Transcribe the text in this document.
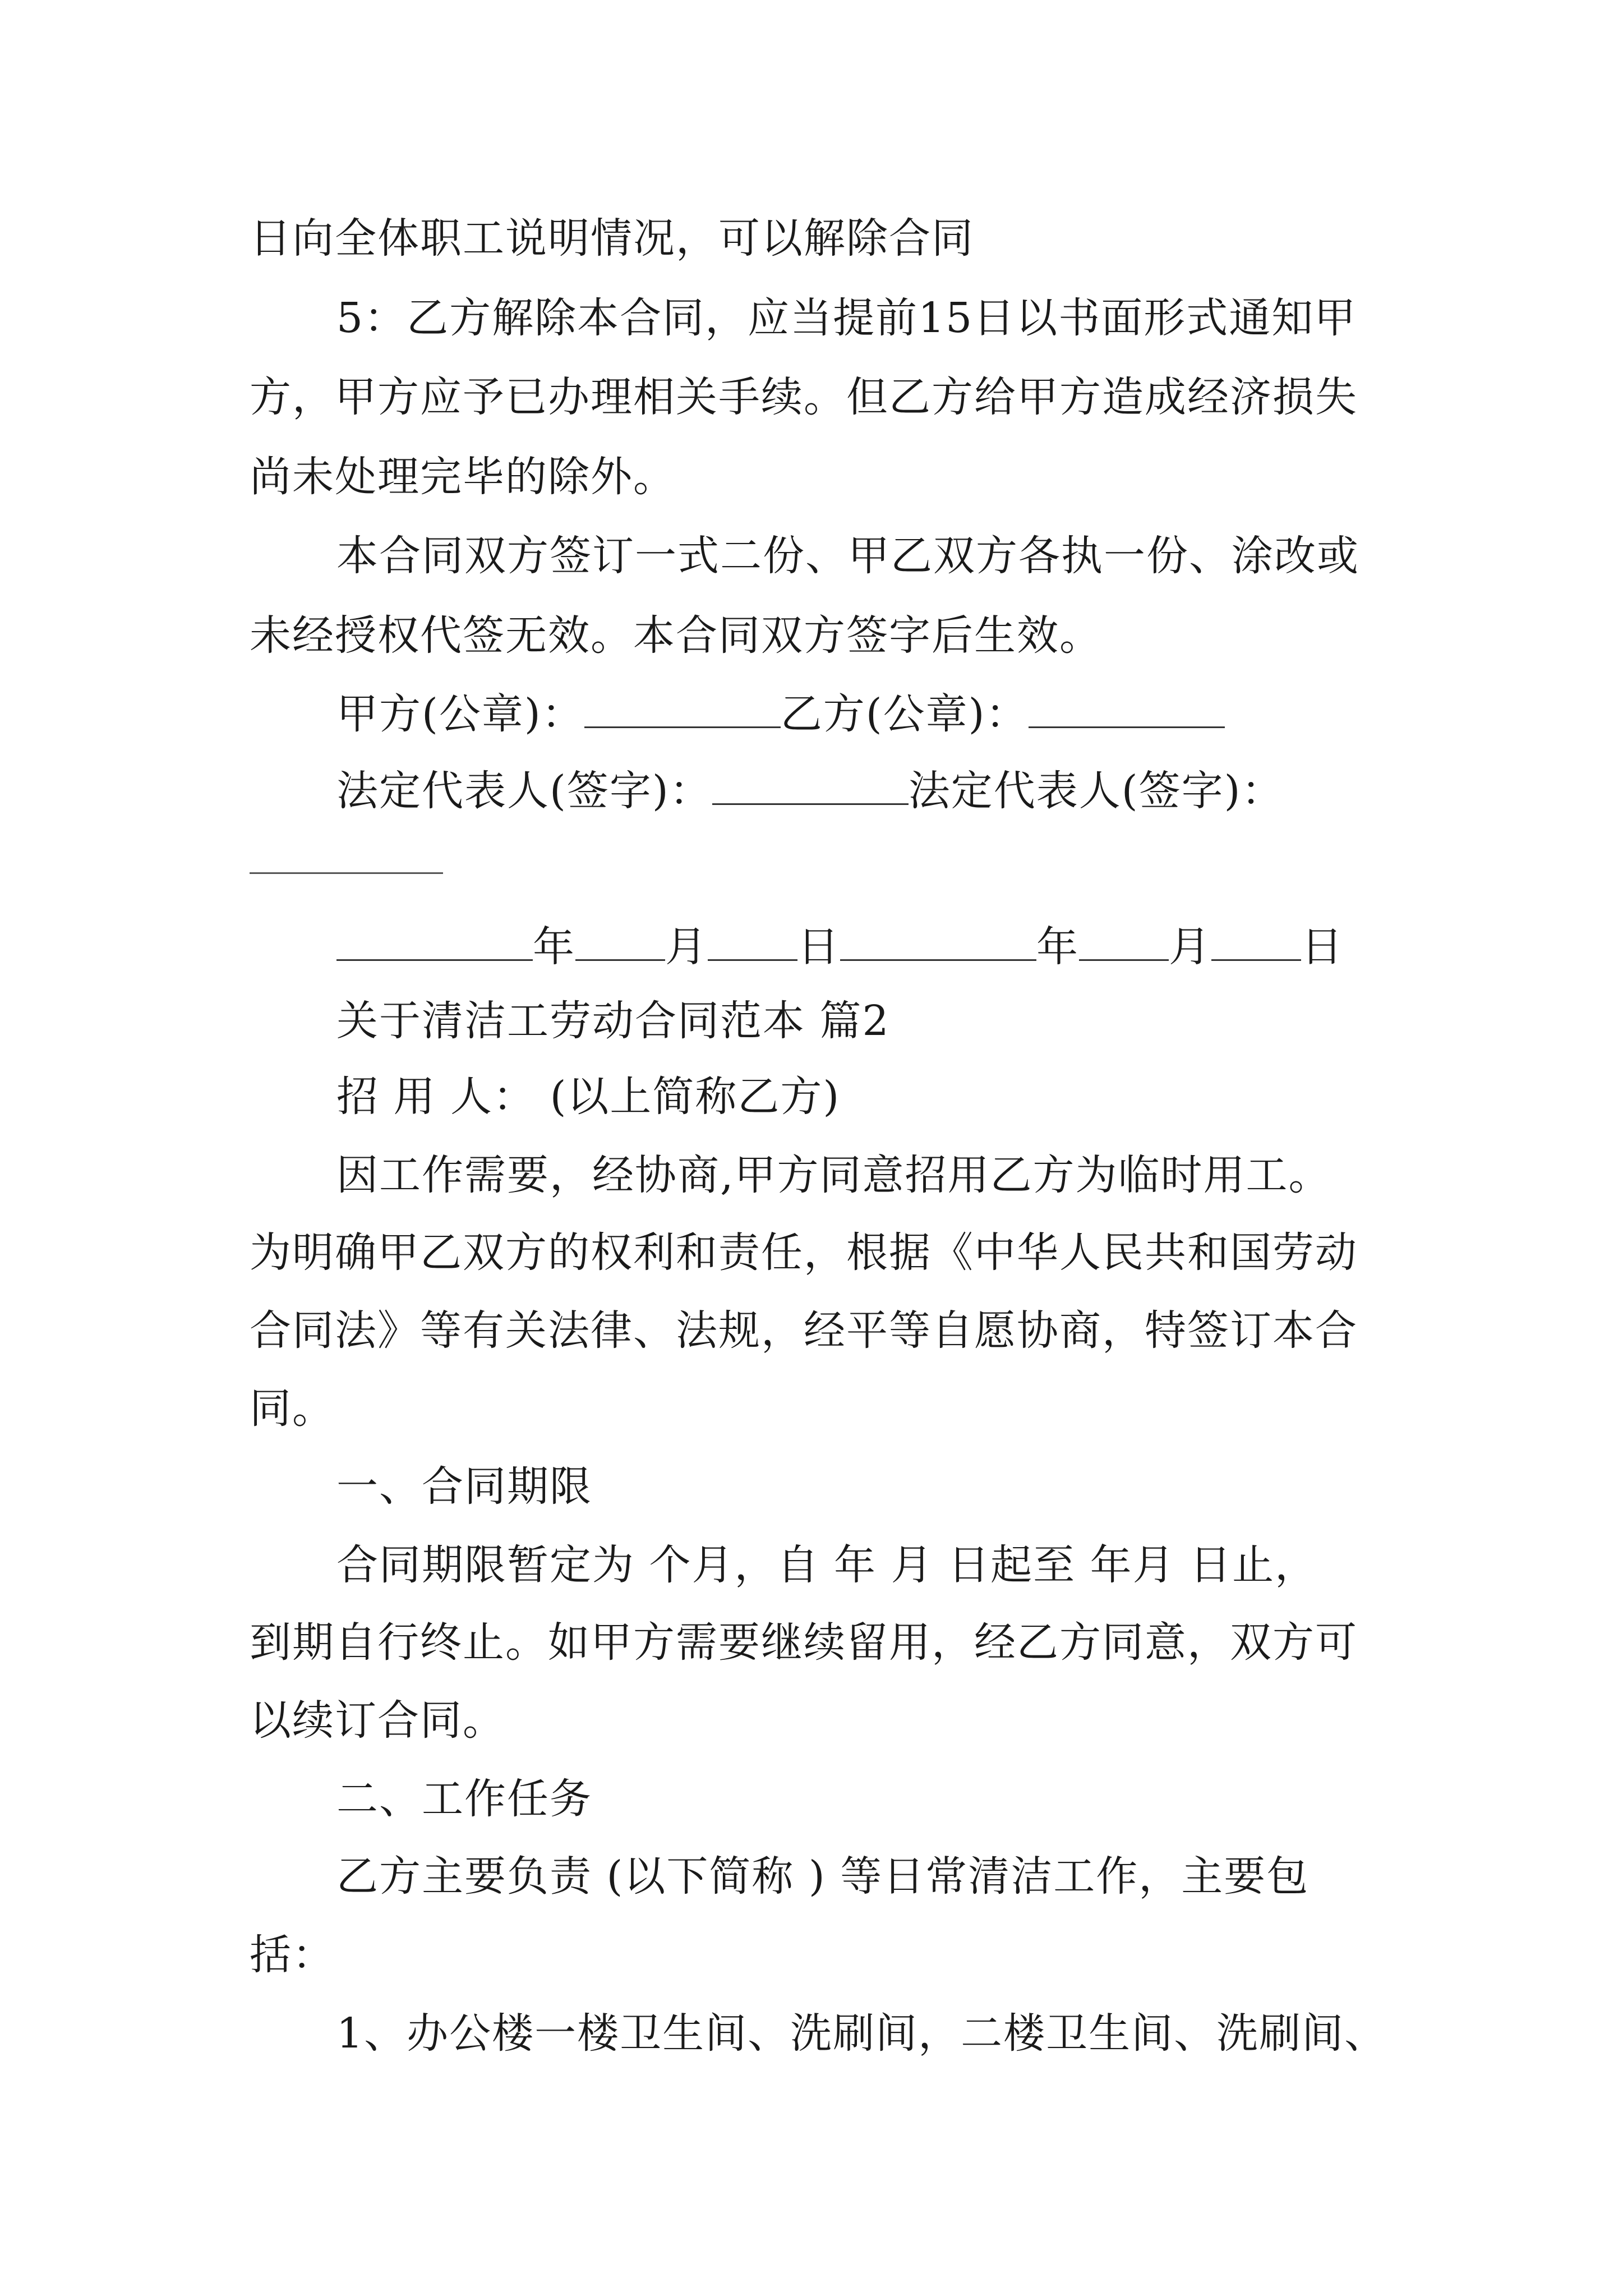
日向全体职工说明情况，可以解除合同
5：乙方解除本合同，应当提前15日以书面形式通知甲
方，甲方应予已办理相关手续。但乙方给甲方造成经济损失
尚未处理完毕的除外。
本合同双方签订一式二份、甲乙双方各执一份、涂改或
未经授权代签无效。本合同双方签字后生效。
甲方(公章)：	乙方(公章)：
法定代表人(签字)：	法定代表人(签字)：
年 月 日	年 月 日
关于清洁工劳动合同范本 篇2
招 用 人： (以上简称乙方)
因工作需要，经协商,甲方同意招用乙方为临时用工。
为明确甲乙双方的权利和责任，根据《中华人民共和国劳动
合同法》等有关法律、法规，经平等自愿协商，特签订本合
同。
一、合同期限
合同期限暂定为 个月，自 年 月 日起至 年月 日止，
到期自行终止。如甲方需要继续留用，经乙方同意，双方可
以续订合同。
二、工作任务
乙方主要负责 (以下简称 ) 等日常清洁工作，主要包
括：
1、办公楼一楼卫生间、洗刷间，二楼卫生间、洗刷间、
